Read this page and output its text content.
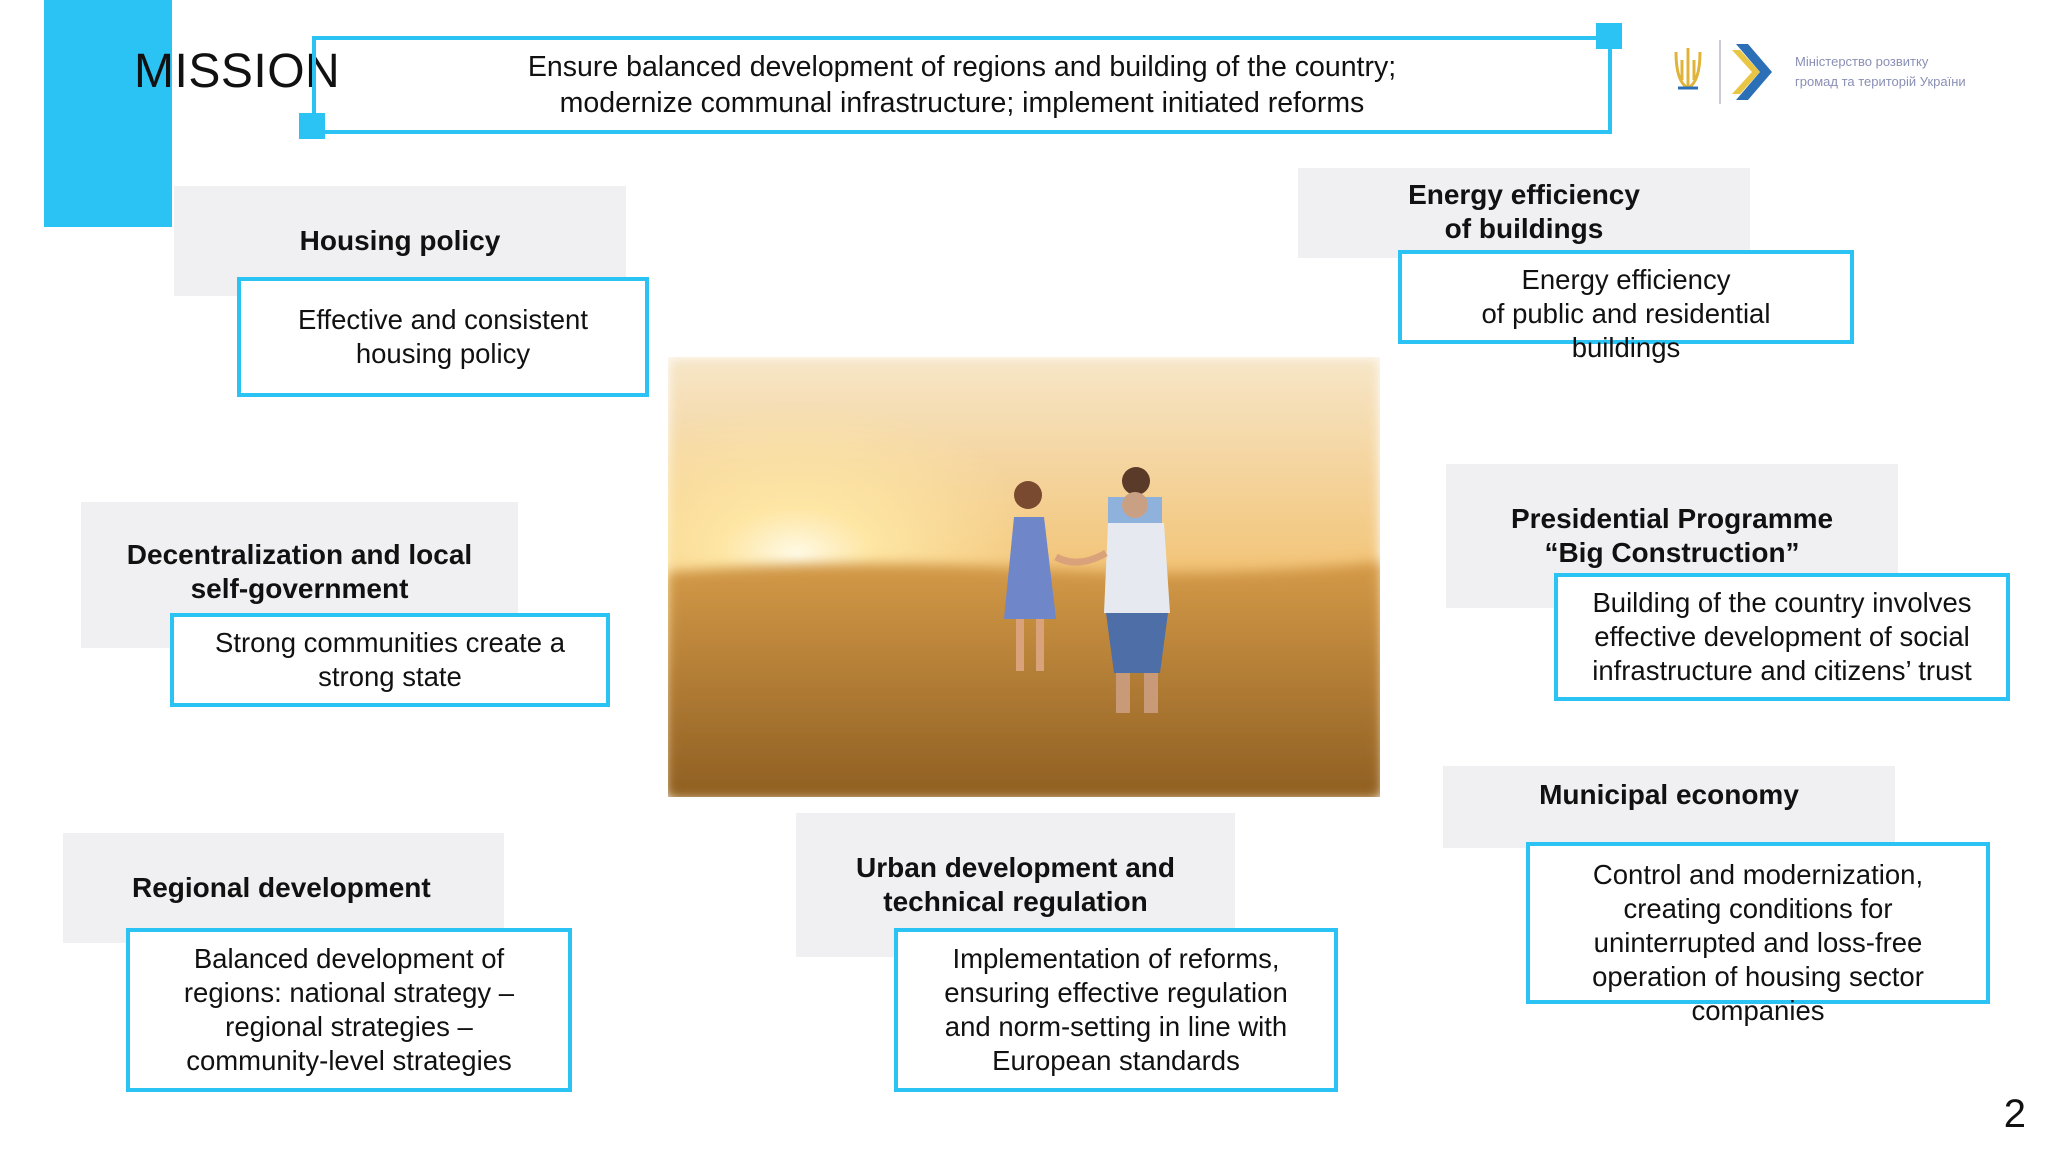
MISSION	Ensure balanced development of regions and building of the country;
modernize communal infrastructure; implement initiated reforms
Міністерство розвитку
громад та територій України
Housing policy
Effective and consistent
housing policy
Energy efficiency
of buildings
Energy efficiency
of public and residential
buildings
Decentralization and local
self-government
Strong communities create a
strong state
Presidential Programme
“Big Construction”
Building of the country involves
effective development of social
infrastructure and citizens’ trust
Municipal economy
Control and modernization,
creating conditions for
uninterrupted and loss-free
operation of housing sector
companies
Regional development
Balanced development of
regions: national strategy –
regional strategies –
community-level strategies
Urban development and
technical regulation
Implementation of reforms,
ensuring effective regulation
and norm-setting in line with
European standards
2
